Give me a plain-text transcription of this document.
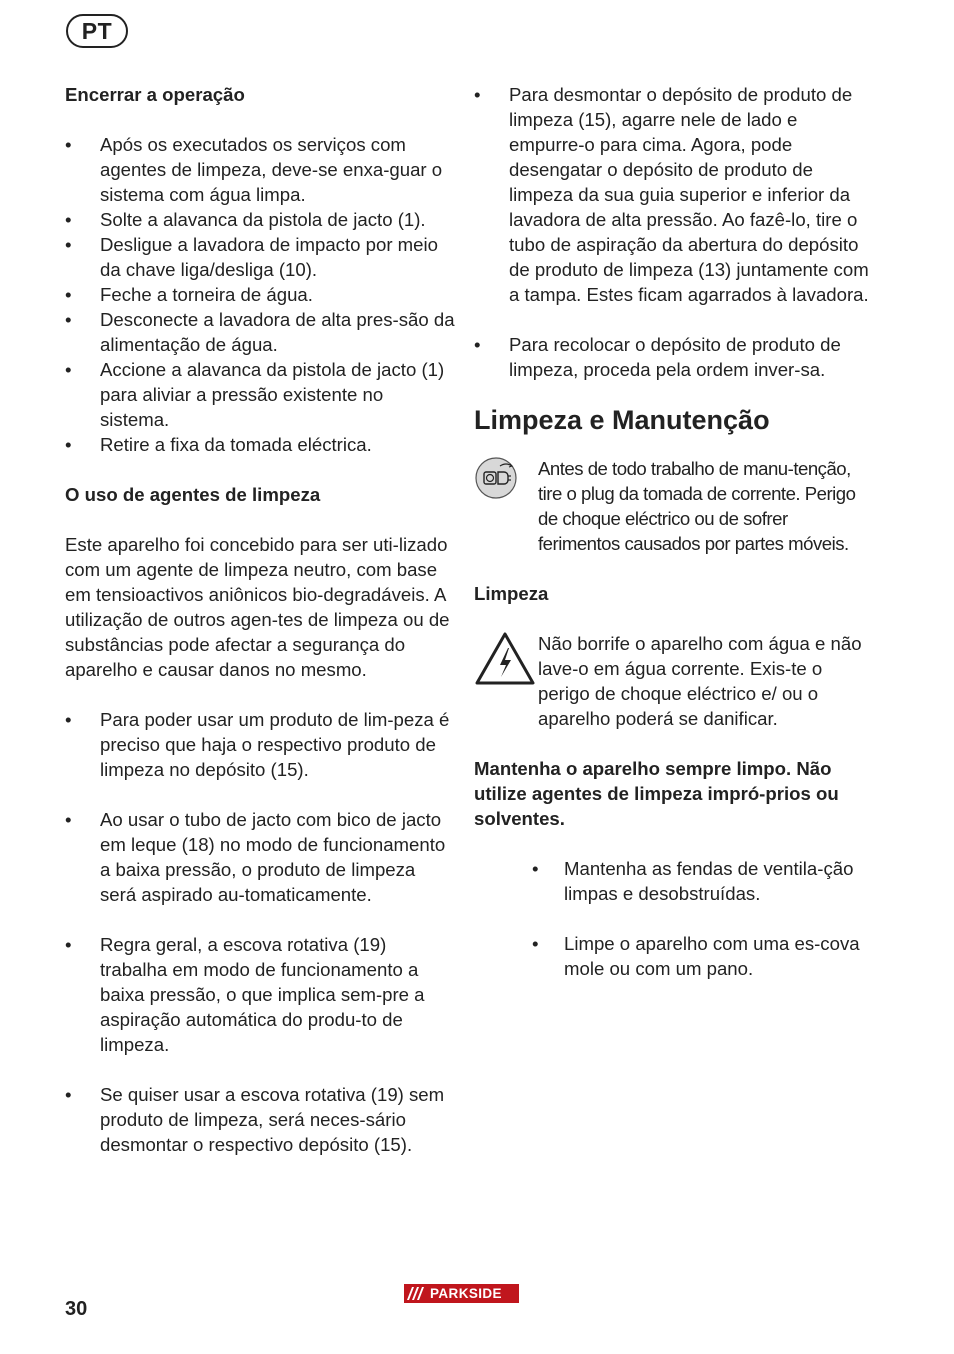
PT

Encerrar a operação

• Após os executados os serviços com agentes de limpeza, deve-se enxa-guar o sistema com água limpa.
• Solte a alavanca da pistola de jacto (1).
• Desligue a lavadora de impacto por meio da chave liga/desliga (10).
• Feche a torneira de água.
• Desconecte a lavadora de alta pres-são da alimentação de água.
• Accione a alavanca da pistola de jacto (1) para aliviar a pressão existente no sistema.
• Retire a fixa da tomada eléctrica.

O uso de agentes de limpeza

Este aparelho foi concebido para ser uti-lizado com um agente de limpeza neutro, com base em tensioactivos aniônicos bio-degradáveis. A utilização de outros agen-tes de limpeza ou de substâncias pode afectar a segurança do aparelho e causar danos no mesmo.

• Para poder usar um produto de lim-peza é preciso que haja o respectivo produto de limpeza no depósito (15).
• Ao usar o tubo de jacto com bico de jacto em leque (18) no modo de funcionamento a baixa pressão, o produto de limpeza será aspirado au-tomaticamente.
• Regra geral, a escova rotativa (19) trabalha em modo de funcionamento a baixa pressão, o que implica sem-pre a aspiração automática do produ-to de limpeza.
• Se quiser usar a escova rotativa (19) sem produto de limpeza, será neces-sário desmontar o respectivo depósito (15).
• Para desmontar o depósito de produto de limpeza (15), agarre nele de lado e empurre-o para cima. Agora, pode desengatar o depósito de produto de limpeza da sua guia superior e inferior da lavadora de alta pressão. Ao fazê-lo, tire o tubo de aspiração da abertura do depósito de produto de limpeza (13) juntamente com a tampa. Estes ficam agarrados à lavadora.
• Para recolocar o depósito de produto de limpeza, proceda pela ordem inver-sa.

Limpeza e Manutenção

Antes de todo trabalho de manu-tenção, tire o plug da tomada de corrente. Perigo de choque eléctrico ou de sofrer ferimentos causados por partes móveis.

Limpeza

Não borrife o aparelho com água e não lave-o em água corrente. Exis-te o perigo de choque eléctrico e/ ou o aparelho poderá se danificar.

Mantenha o aparelho sempre limpo. Não utilize agentes de limpeza impró-prios ou solventes.

• Mantenha as fendas de ventila-ção limpas e desobstruídas.
• Limpe o aparelho com uma es-cova mole ou com um pano.
30
PARKSIDE
